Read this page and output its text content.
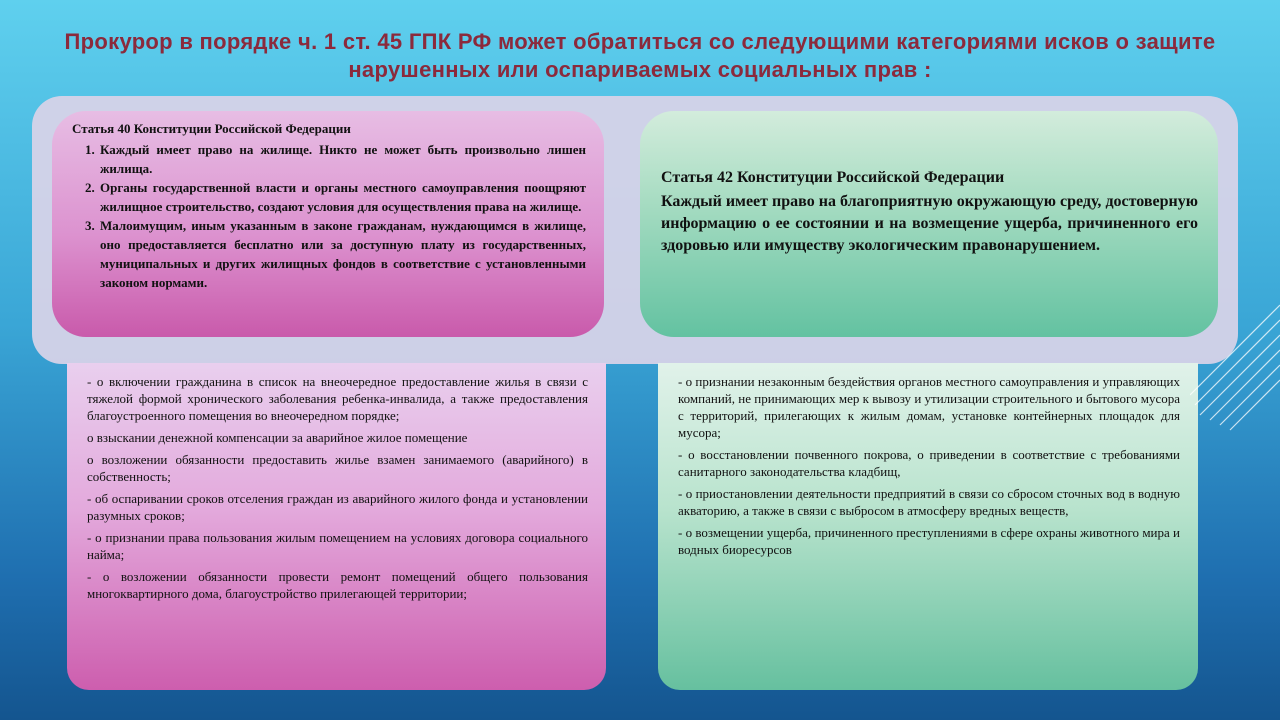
Прокурор в порядке ч. 1 ст. 45 ГПК РФ может обратиться со следующими категориями исков о защите нарушенных или оспариваемых социальных прав :
Статья 40 Конституции Российской Федерации
1. Каждый имеет право на жилище. Никто не может быть произвольно лишен жилища.
2. Органы государственной власти и органы местного самоуправления поощряют жилищное строительство, создают условия для осуществления права на жилище.
3. Малоимущим, иным указанным в законе гражданам, нуждающимся в жилище, оно предоставляется бесплатно или за доступную плату из государственных, муниципальных и других жилищных фондов в соответствие с установленными законом нормами.
Статья 42 Конституции Российской Федерации

Каждый имеет право на благоприятную окружающую среду, достоверную информацию о ее состоянии и на возмещение ущерба, причиненного его здоровью или имуществу экологическим правонарушением.

- о включении гражданина в список на внеочередное предоставление жилья в связи с тяжелой формой хронического заболевания ребенка-инвалида, а также предоставления благоустроенного помещения во внеочередном порядке;

о взыскании денежной компенсации за аварийное жилое помещение

о возложении обязанности предоставить жилье взамен занимаемого (аварийного) в собственность;

- об оспаривании сроков отселения граждан из аварийного жилого фонда и установлении разумных сроков;

- о признании права пользования жилым помещением на условиях договора социального найма;

- о возложении обязанности провести ремонт помещений общего пользования многоквартирного дома, благоустройство прилегающей территории;

- о признании незаконным бездействия органов местного самоуправления и управляющих компаний, не принимающих мер к вывозу и утилизации строительного и бытового мусора с территорий, прилегающих к жилым домам, установке контейнерных площадок для мусора;

- о восстановлении почвенного покрова, о приведении в соответствие с требованиями санитарного законодательства кладбищ,

- о приостановлении деятельности предприятий в связи со сбросом сточных вод в водную акваторию, а также в связи с выбросом в атмосферу вредных веществ,

- о возмещении ущерба, причиненного преступлениями в сфере охраны животного мира и водных биоресурсов
